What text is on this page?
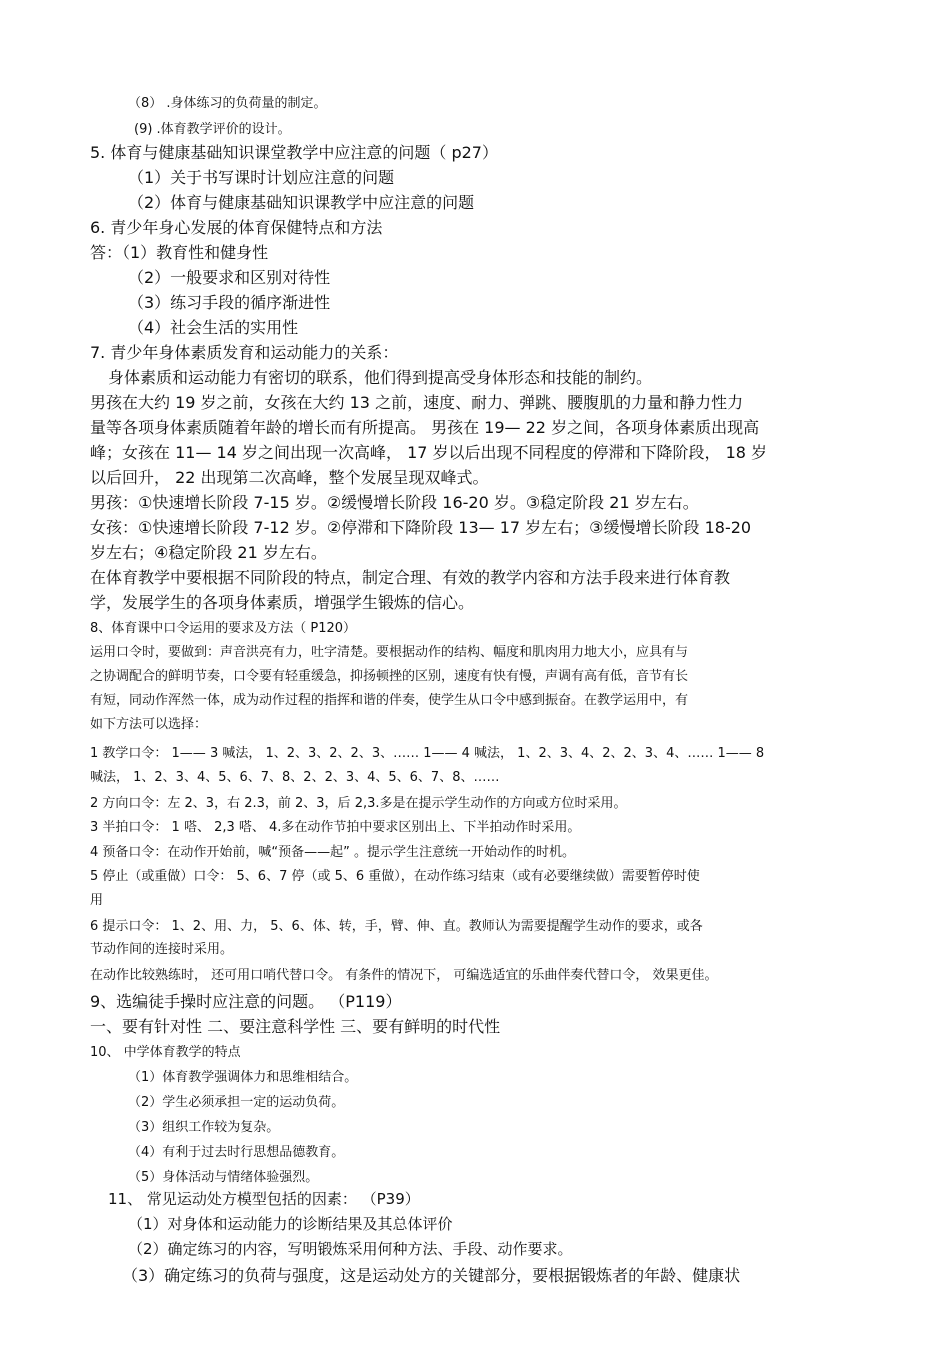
（8） .身体练习的负荷量的制定。

(9) .体育教学评价的设计。

5. 体育与健康基础知识课堂教学中应注意的问题（ p27）

（1）关于书写课时计划应注意的问题

（2）体育与健康基础知识课教学中应注意的问题

6. 青少年身心发展的体育保健特点和方法

答：（1）教育性和健身性

（2）一般要求和区别对待性

（3）练习手段的循序渐进性

（4）社会生活的实用性

7. 青少年身体素质发育和运动能力的关系：

身体素质和运动能力有密切的联系，他们得到提高受身体形态和技能的制约。

男孩在大约 19 岁之前，女孩在大约 13 之前，速度、耐力、弹跳、腰腹肌的力量和静力性力

量等各项身体素质随着年龄的增长而有所提高。 男孩在 19— 22 岁之间，各项身体素质出现高

峰；女孩在 11— 14 岁之间出现一次高峰， 17 岁以后出现不同程度的停滞和下降阶段， 18 岁

以后回升， 22 出现第二次高峰，整个发展呈现双峰式。

男孩：①快速增长阶段 7-15 岁。②缓慢增长阶段 16-20 岁。③稳定阶段 21 岁左右。

女孩：①快速增长阶段 7-12 岁。②停滞和下降阶段 13— 17 岁左右；③缓慢增长阶段 18-20

岁左右；④稳定阶段 21 岁左右。

在体育教学中要根据不同阶段的特点，制定合理、有效的教学内容和方法手段来进行体育教

学，发展学生的各项身体素质，增强学生锻炼的信心。

8、体育课中口令运用的要求及方法（ P120）

运用口令时，要做到：声音洪亮有力，吐字清楚。要根据动作的结构、幅度和肌肉用力地大小，应具有与

之协调配合的鲜明节奏，口令要有轻重缓急，抑扬顿挫的区别，速度有快有慢，声调有高有低，音节有长

有短，同动作浑然一体，成为动作过程的指挥和谐的伴奏，使学生从口令中感到振奋。在教学运用中，有

如下方法可以选择：

1 教学口令： 1—— 3 喊法， 1、2、3、2、2、3、…… 1—— 4 喊法， 1、2、3、4、2、2、3、4、…… 1—— 8

喊法， 1、2、3、4、5、6、7、8、2、2、3、4、5、6、7、8、……

2 方向口令：左 2、3，右 2.3，前 2、3，后 2,3.多是在提示学生动作的方向或方位时采用。

3 半拍口令： 1 嗒、 2,3 嗒、 4.多在动作节拍中要求区别出上、下半拍动作时采用。

4 预备口令：在动作开始前，喊“预备——起” 。提示学生注意统一开始动作的时机。

5 停止（或重做）口令： 5、6、7 停（或 5、6 重做），在动作练习结束（或有必要继续做）需要暂停时使

用

6 提示口令： 1、2、用、力， 5、6、体、转，手，臂、伸、直。教师认为需要提醒学生动作的要求，或各

节动作间的连接时采用。

在动作比较熟练时， 还可用口哨代替口令。 有条件的情况下， 可编选适宜的乐曲伴奏代替口令， 效果更佳。

9、选编徒手操时应注意的问题。 （P119）

一、要有针对性 二、要注意科学性 三、要有鲜明的时代性

10、 中学体育教学的特点

（1）体育教学强调体力和思维相结合。

（2）学生必须承担一定的运动负荷。

（3）组织工作较为复杂。

（4）有利于过去时行思想品德教育。

（5）身体活动与情绪体验强烈。

11、 常见运动处方模型包括的因素： （P39）

（1）对身体和运动能力的诊断结果及其总体评价

（2）确定练习的内容，写明锻炼采用何种方法、手段、动作要求。

（3）确定练习的负荷与强度，这是运动处方的关键部分，要根据锻炼者的年龄、健康状
